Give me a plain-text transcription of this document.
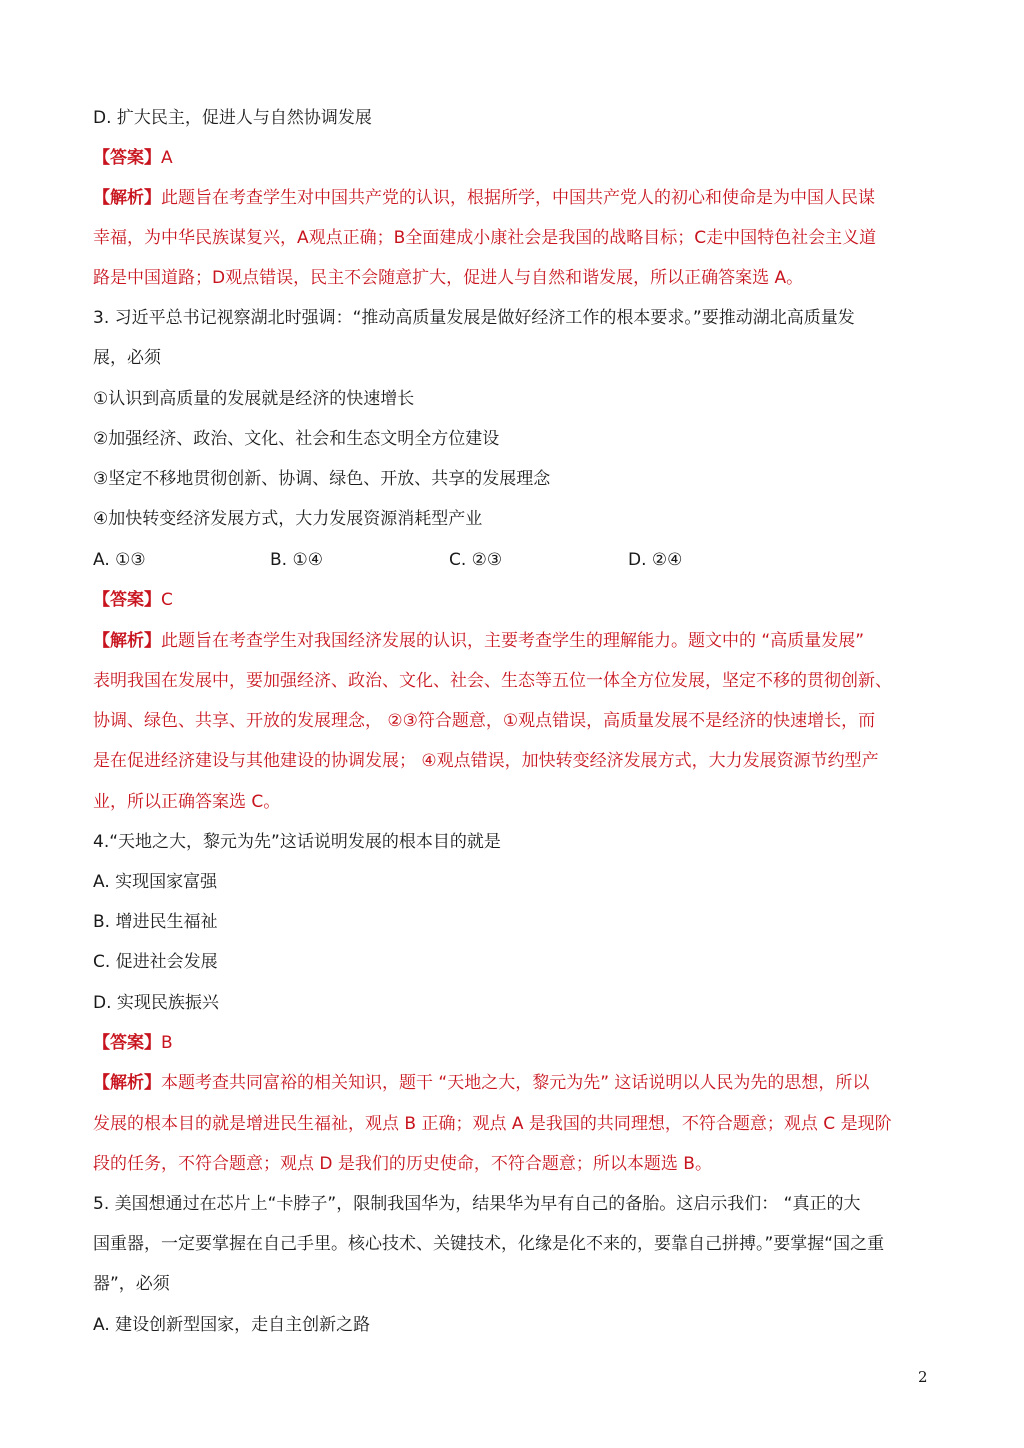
D. 扩大民主，促进人与自然协调发展
【答案】A
【解析】此题旨在考查学生对中国共产党的认识，根据所学，中国共产党人的初心和使命是为中国人民谋
幸福，为中华民族谋复兴，A观点正确；B全面建成小康社会是我国的战略目标；C走中国特色社会主义道
路是中国道路；D观点错误，民主不会随意扩大，促进人与自然和谐发展，所以正确答案选 A。
3. 习近平总书记视察湖北时强调：“推动高质量发展是做好经济工作的根本要求。”要推动湖北高质量发
展，必须
①认识到高质量的发展就是经济的快速增长
②加强经济、政治、文化、社会和生态文明全方位建设
③坚定不移地贯彻创新、协调、绿色、开放、共享的发展理念
④加快转变经济发展方式，大力发展资源消耗型产业
A. ①③	B. ①④	C. ②③	D. ②④
【答案】C
【解析】此题旨在考查学生对我国经济发展的认识，主要考查学生的理解能力。题文中的 “高质量发展”
表明我国在发展中，要加强经济、政治、文化、社会、生态等五位一体全方位发展，坚定不移的贯彻创新、
协调、绿色、共享、开放的发展理念， ②③符合题意，①观点错误，高质量发展不是经济的快速增长，而
是在促进经济建设与其他建设的协调发展； ④观点错误，加快转变经济发展方式，大力发展资源节约型产
业，所以正确答案选 C。
4.“天地之大，黎元为先”这话说明发展的根本目的就是
A. 实现国家富强
B. 增进民生福祉
C. 促进社会发展
D. 实现民族振兴
【答案】B
【解析】本题考查共同富裕的相关知识，题干 “天地之大，黎元为先” 这话说明以人民为先的思想，所以
发展的根本目的就是增进民生福祉，观点 B 正确；观点 A 是我国的共同理想，不符合题意；观点 C 是现阶
段的任务，不符合题意；观点 D 是我们的历史使命，不符合题意；所以本题选 B。
5. 美国想通过在芯片上“卡脖子”，限制我国华为，结果华为早有自己的备胎。这启示我们： “真正的大
国重器，一定要掌握在自己手里。核心技术、关键技术，化缘是化不来的，要靠自己拼搏。”要掌握“国之重
器”，必须
A. 建设创新型国家，走自主创新之路
2
